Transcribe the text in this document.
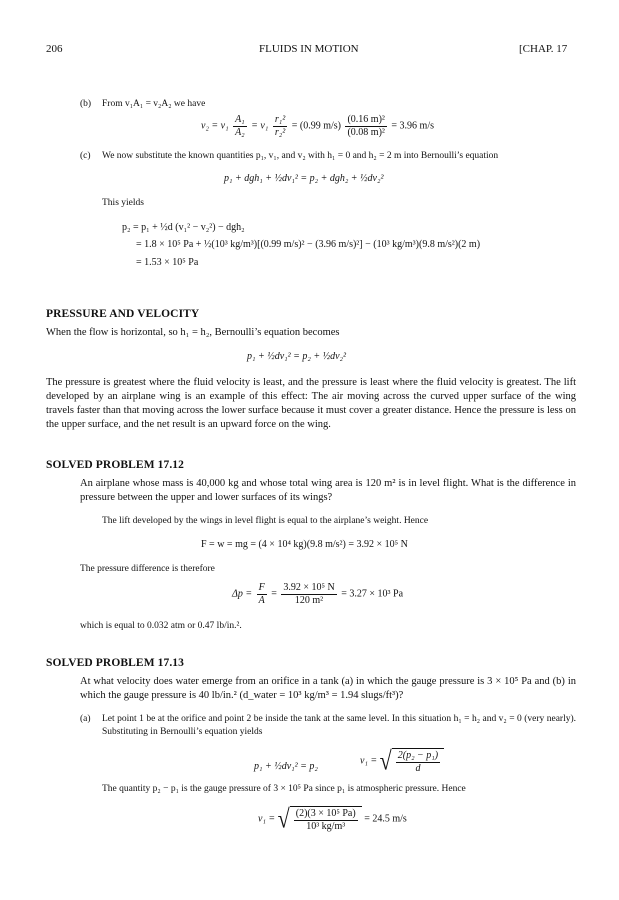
206	FLUIDS IN MOTION	[CHAP. 17
(b) From v₁A₁ = v₂A₂ we have
$v_2 = v_1 \frac{\text{A₁}}{\text{A₂}} = v_1 \frac{\text{r₁²}}{\text{r₂²}} = (0.99$ $m/s) \frac{\text{(0.16 m)²}}{\text{(0.08 m)²}} = 3.96$ m/s
(c) We now substitute the known quantities p₁, v₁, and v₂ with h₁ = 0 and h₂ = 2 m into Bernoulli’s equation
p₁ + dgh₁ + ½dv₁² = p₂ + dgh₂ + ½dv₂²
This yields
p₂ = p₁ + ½d (v₁² − v₂²) − dgh₂
= 1.8 × 10⁵ Pa + ½(10³ kg/m³)[(0.99 m/s)² − (3.96 m/s)²] − (10³ kg/m³)(9.8 m/s²)(2 m)
= 1.53 × 10⁵ Pa
PRESSURE AND VELOCITY
When the flow is horizontal, so h₁ = h₂, Bernoulli’s equation becomes
p₁ + ½dv₁² = p₂ + ½dv₂²
The pressure is greatest where the fluid velocity is least, and the pressure is least where the fluid velocity is greatest. The lift developed by an airplane wing is an example of this effect: The air moving across the curved upper surface of the wing travels faster than that moving across the lower surface because it must cover a greater distance. Hence the pressure is less on the upper surface, and the net result is an upward force on the wing.
SOLVED PROBLEM 17.12
An airplane whose mass is 40,000 kg and whose total wing area is 120 m² is in level flight. What is the difference in pressure between the upper and lower surfaces of its wings?
The lift developed by the wings in level flight is equal to the airplane’s weight. Hence
F = w = mg = (4 × 10⁴ kg)(9.8 m/s²) = 3.92 × 10⁵ N
The pressure difference is therefore
$\Delta p = \frac{F}{A} = \frac{\text{3.92 × 10⁵ N}}{\text{120 m²}} = 3.27 \times 10^3$ Pa
which is equal to 0.032 atm or 0.47 lb/in.².
SOLVED PROBLEM 17.13
At what velocity does water emerge from an orifice in a tank (a) in which the gauge pressure is 3 × 10⁵ Pa and (b) in which the gauge pressure is 40 lb/in.² (d_water = 10³ kg/m³ = 1.94 slugs/ft³)?
(a) Let point 1 be at the orifice and point 2 be inside the tank at the same level. In this situation h₁ = h₂ and v₂ = 0 (very nearly). Substituting in Bernoulli’s equation yields
p₁ + ½dv₁² = p₂
v₁ = √ $\frac{\text{2(p₂ − p₁)}}{d}$
The quantity p₂ − p₁ is the gauge pressure of 3 × 10⁵ Pa since p₁ is atmospheric pressure. Hence
v₁ = √ $\frac{\text{(2)(3 × 10⁵ Pa)}}{\text{10³ kg/m³}} = 24.5$ m/s
